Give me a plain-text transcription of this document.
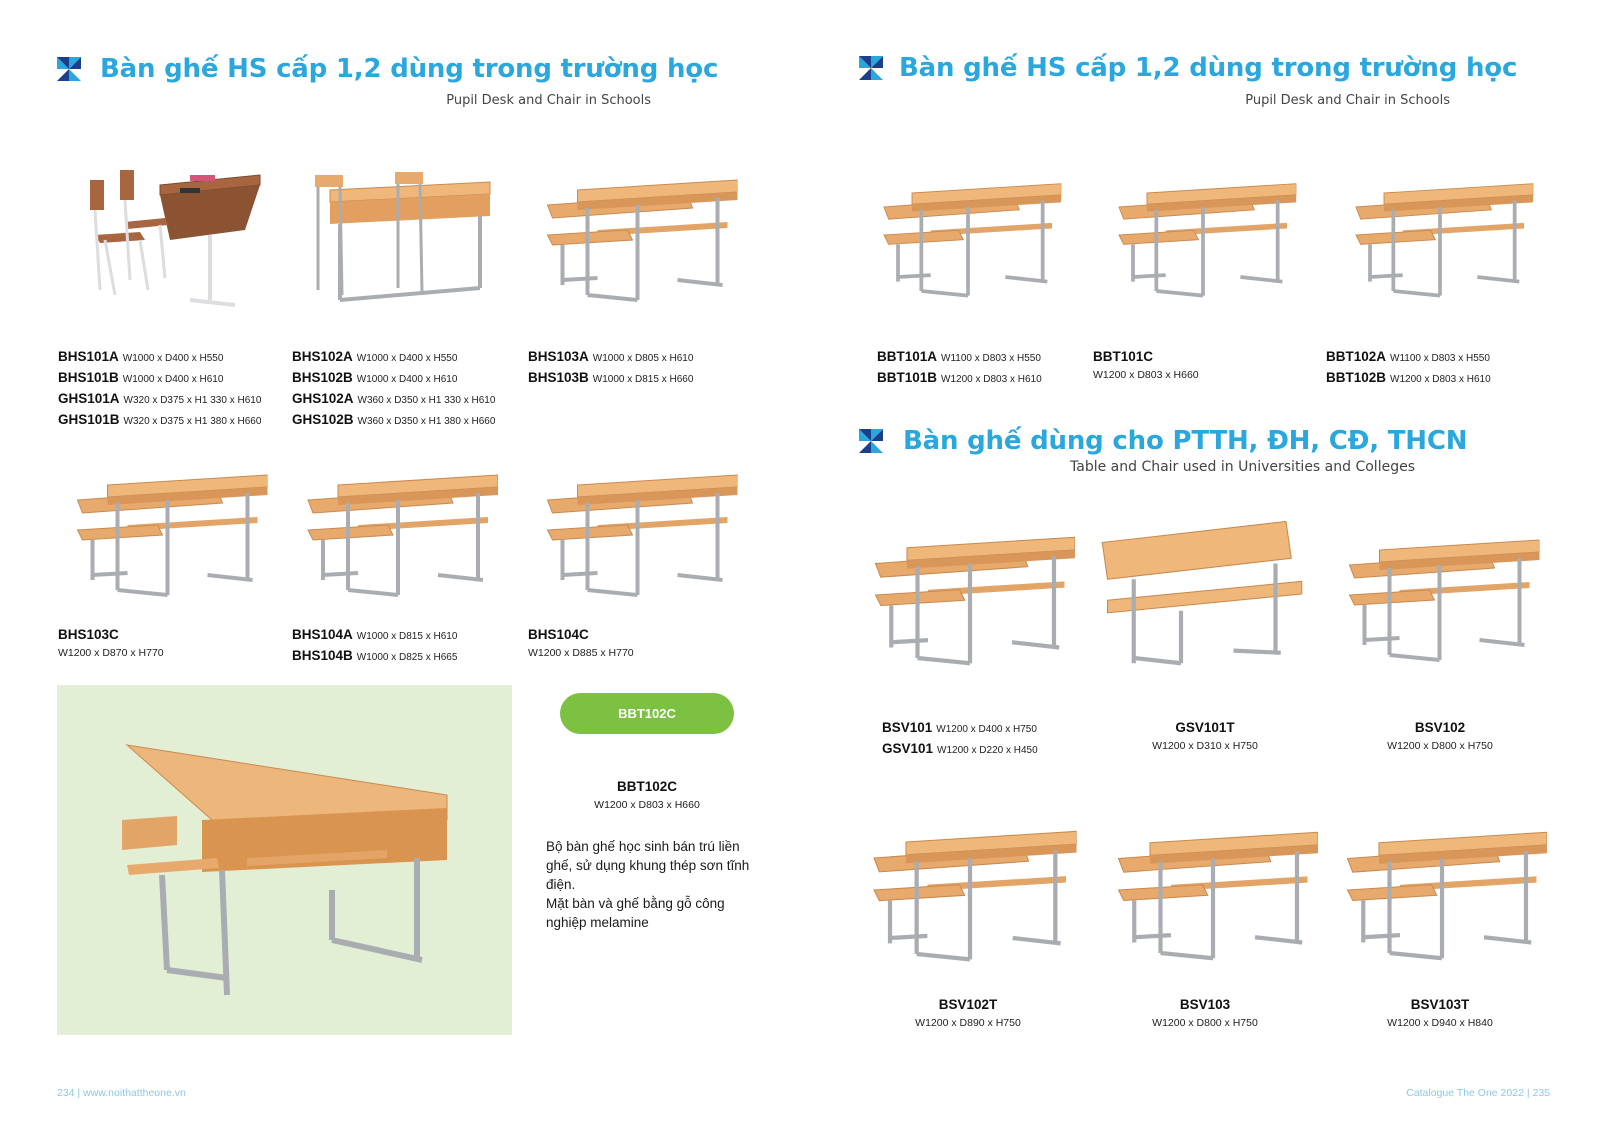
Bàn ghế HS cấp 1,2 dùng trong trường học
Pupil Desk and Chair in Schools
Bàn ghế HS cấp 1,2 dùng trong trường học
Pupil Desk and Chair in Schools
Bàn ghế dùng cho PTTH, ĐH, CĐ, THCN
Table and Chair used in Universities and Colleges
BHS101A W1000 x D400 x H550
BHS101B W1000 x D400 x H610
GHS101A W320 x D375 x H1 330 x H610
GHS101B W320 x D375 x H1 380 x H660
BHS102A W1000 x D400 x H550
BHS102B W1000 x D400 x H610
GHS102A W360 x D350 x H1 330 x H610
GHS102B W360 x D350 x H1 380 x H660
BHS103A W1000 x D805 x H610
BHS103B W1000 x D815 x H660
BHS103C
W1200 x D870 x H770
BHS104A W1000 x D815 x H610
BHS104B W1000 x D825 x H665
BHS104C
W1200 x D885 x H770
BBT102C
BBT102C
W1200 x D803 x H660
Bộ bàn ghế học sinh bán trú liền ghế, sử dụng khung thép sơn tĩnh điện.
Mặt bàn và ghế bằng gỗ công nghiệp melamine
BBT101A W1100 x D803 x H550
BBT101B W1200 x D803 x H610
BBT101C
W1200 x D803 x H660
BBT102A W1100 x D803 x H550
BBT102B W1200 x D803 x H610
BSV101 W1200 x D400 x H750
GSV101 W1200 x D220 x H450
GSV101T
W1200 x D310 x H750
BSV102
W1200 x D800 x H750
BSV102T
W1200 x D890 x H750
BSV103
W1200 x D800 x H750
BSV103T
W1200 x D940 x H840
234 | www.noithattheone.vn	Catalogue The One 2022 | 235
